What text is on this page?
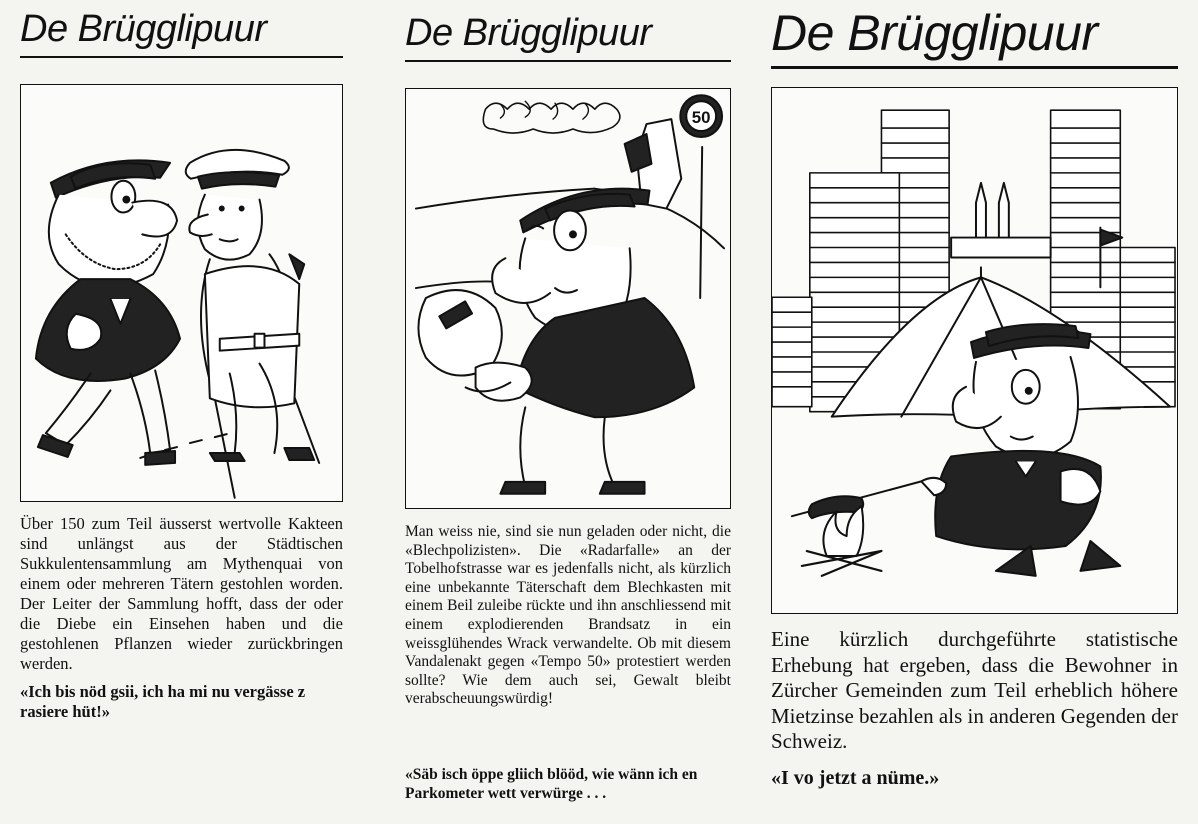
De Brügglipuur

Über 150 zum Teil äusserst wertvolle Kakteen sind unlängst aus der Städtischen Sukkulentensammlung am Mythenquai von einem oder mehreren Tätern gestohlen worden. Der Leiter der Sammlung hofft, dass der oder die Diebe ein Einsehen haben und die gestohlenen Pflanzen wieder zurückbringen werden.

«Ich bis nöd gsii, ich ha mi nu vergässe z rasiere hüt!»

De Brügglipuur
50

Man weiss nie, sind sie nun geladen oder nicht, die «Blechpolizisten». Die «Radarfalle» an der Tobelhofstrasse war es jedenfalls nicht, als kürzlich eine unbekannte Täterschaft dem Blechkasten mit einem Beil zuleibe rückte und ihn anschliessend mit einem explodierenden Brandsatz in ein weissglühendes Wrack verwandelte. Ob mit diesem Vandalenakt gegen «Tempo 50» protestiert werden sollte? Wie dem auch sei, Gewalt bleibt verabscheuungswürdig!

«Säb isch öppe gliich blööd, wie wänn ich en Parkometer wett verwürge . . .

De Brügglipuur

Eine kürzlich durchgeführte statistische Erhebung hat ergeben, dass die Bewohner in Zürcher Gemeinden zum Teil erheblich höhere Mietzinse bezahlen als in anderen Gegenden der Schweiz.

«I vo jetzt a nüme.»
